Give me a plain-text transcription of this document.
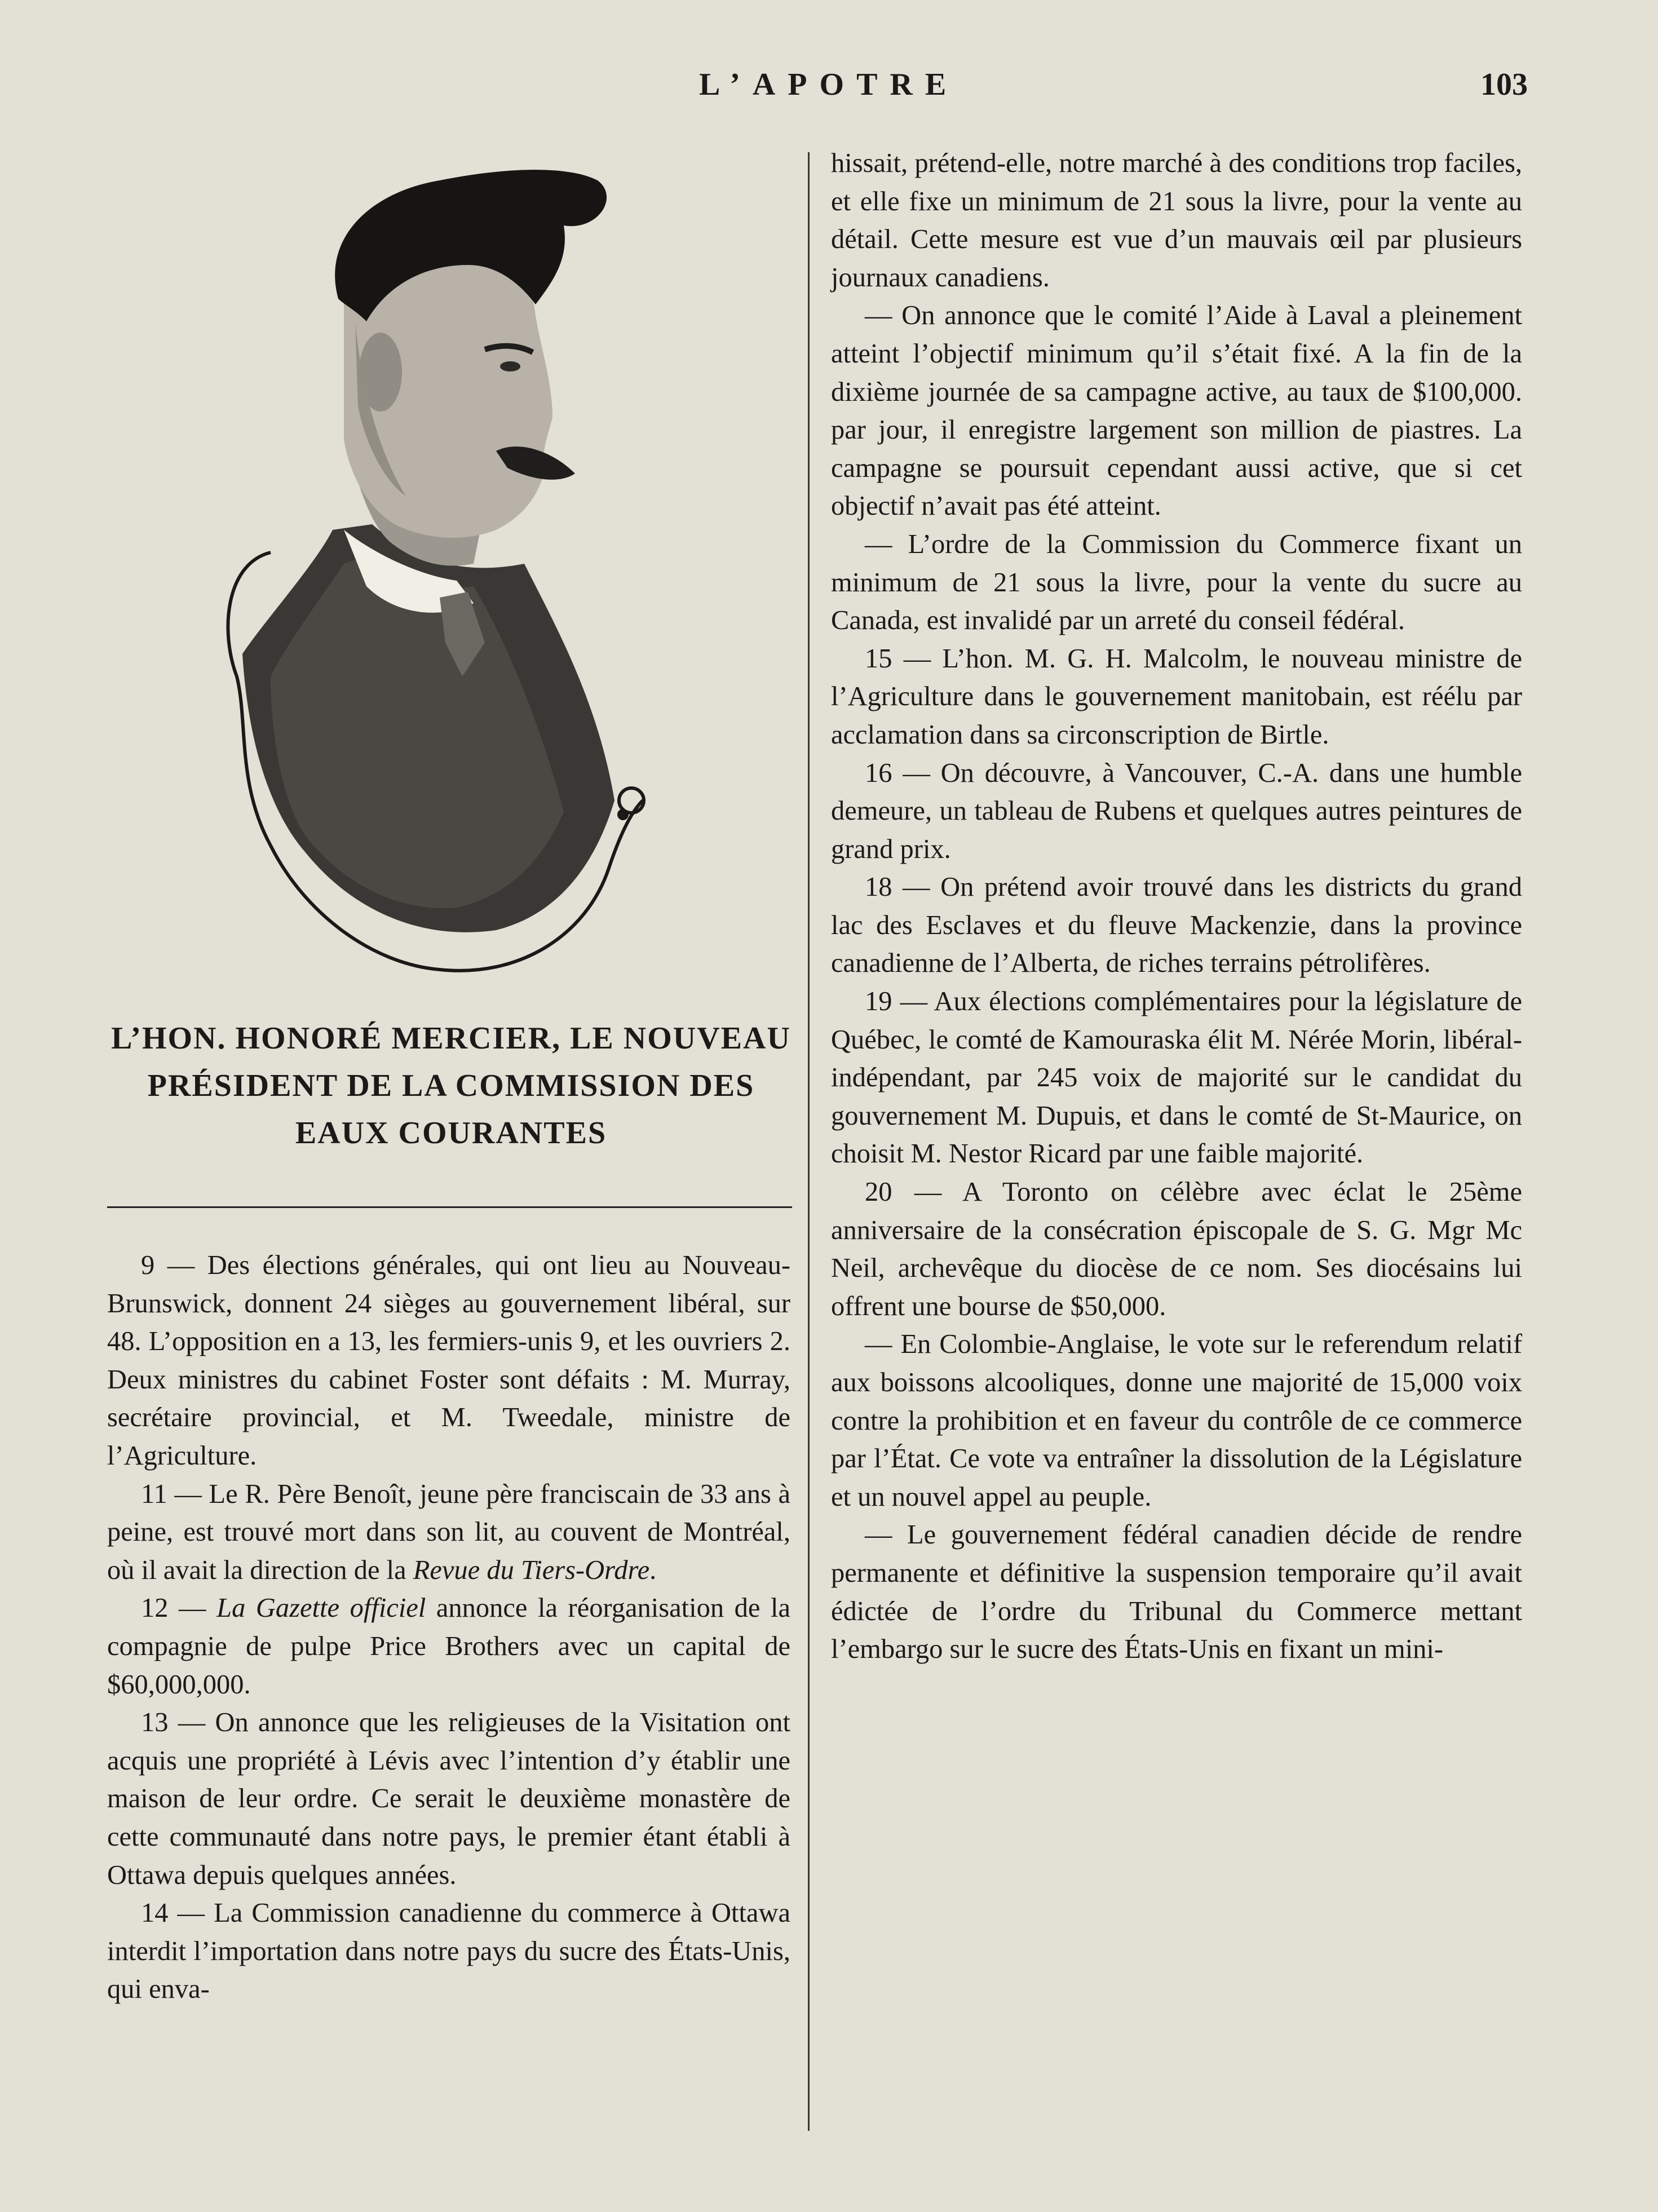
L’APOTRE	103
L’HON. HONORÉ MERCIER, LE NOUVEAU PRÉSIDENT DE LA COMMISSION DES EAUX COURANTES

9 — Des élections générales, qui ont lieu au Nouveau-Brunswick, donnent 24 sièges au gouvernement libéral, sur 48. L’opposition en a 13, les fermiers-unis 9, et les ouvriers 2. Deux ministres du cabinet Foster sont défaits : M. Murray, secrétaire provincial, et M. Tweedale, ministre de l’Agriculture.

11 — Le R. Père Benoît, jeune père franciscain de 33 ans à peine, est trouvé mort dans son lit, au couvent de Montréal, où il avait la direction de la Revue du Tiers-Ordre.

12 — La Gazette officiel annonce la réorganisation de la compagnie de pulpe Price Brothers avec un capital de $60,000,000.

13 — On annonce que les religieuses de la Visitation ont acquis une propriété à Lévis avec l’intention d’y établir une maison de leur ordre. Ce serait le deuxième monastère de cette communauté dans notre pays, le premier étant établi à Ottawa depuis quelques années.

14 — La Commission canadienne du commerce à Ottawa interdit l’importation dans notre pays du sucre des États-Unis, qui enva-

hissait, prétend-elle, notre marché à des conditions trop faciles, et elle fixe un minimum de 21 sous la livre, pour la vente au détail. Cette mesure est vue d’un mauvais œil par plusieurs journaux canadiens.

— On annonce que le comité l’Aide à Laval a pleinement atteint l’objectif minimum qu’il s’était fixé. A la fin de la dixième journée de sa campagne active, au taux de $100,000. par jour, il enregistre largement son million de piastres. La campagne se poursuit cependant aussi active, que si cet objectif n’avait pas été atteint.

— L’ordre de la Commission du Commerce fixant un minimum de 21 sous la livre, pour la vente du sucre au Canada, est invalidé par un arreté du conseil fédéral.

15 — L’hon. M. G. H. Malcolm, le nouveau ministre de l’Agriculture dans le gouvernement manitobain, est réélu par acclamation dans sa circonscription de Birtle.

16 — On découvre, à Vancouver, C.-A. dans une humble demeure, un tableau de Rubens et quelques autres peintures de grand prix.

18 — On prétend avoir trouvé dans les districts du grand lac des Esclaves et du fleuve Mackenzie, dans la province canadienne de l’Alberta, de riches terrains pétrolifères.

19 — Aux élections complémentaires pour la législature de Québec, le comté de Kamouraska élit M. Nérée Morin, libéral-indépendant, par 245 voix de majorité sur le candidat du gouvernement M. Dupuis, et dans le comté de St-Maurice, on choisit M. Nestor Ricard par une faible majorité.

20 — A Toronto on célèbre avec éclat le 25ème anniversaire de la consécration épiscopale de S. G. Mgr Mc Neil, archevêque du diocèse de ce nom. Ses diocésains lui offrent une bourse de $50,000.

— En Colombie-Anglaise, le vote sur le referendum relatif aux boissons alcooliques, donne une majorité de 15,000 voix contre la prohibition et en faveur du contrôle de ce commerce par l’État. Ce vote va entraîner la dissolution de la Législature et un nouvel appel au peuple.

— Le gouvernement fédéral canadien décide de rendre permanente et définitive la suspension temporaire qu’il avait édictée de l’ordre du Tribunal du Commerce mettant l’embargo sur le sucre des États-Unis en fixant un mini-
